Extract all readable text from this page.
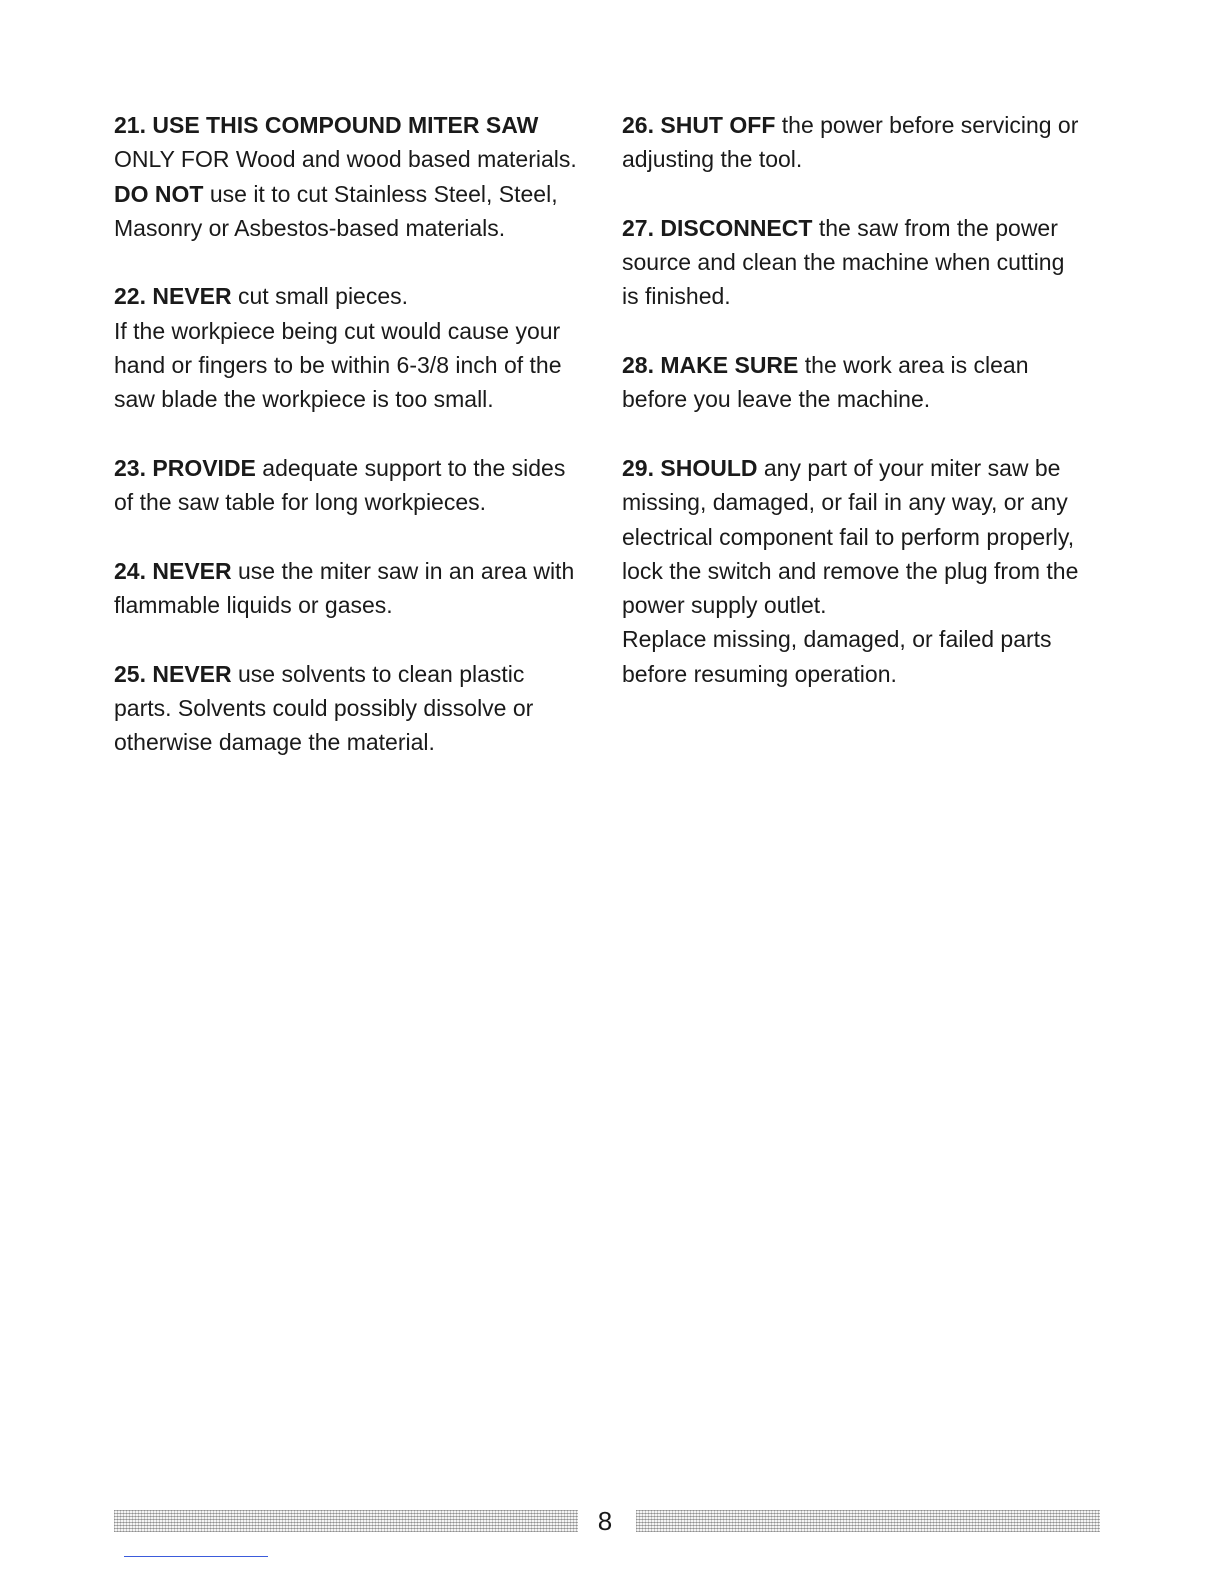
21. USE THIS COMPOUND MITER SAW
ONLY FOR Wood and wood based materials.
DO NOT use it to cut Stainless Steel, Steel,
Masonry or Asbestos-based materials.
22. NEVER cut small pieces.
If the workpiece being cut would cause your
hand or fingers to be within 6-3/8 inch of the
saw blade the workpiece is too small.
23. PROVIDE adequate support to the sides
of the saw table for long workpieces.
24. NEVER use the miter saw in an area with
flammable liquids or gases.
25. NEVER use solvents to clean plastic
parts. Solvents could possibly dissolve or
otherwise damage the material.
26. SHUT OFF the power before servicing or
adjusting the tool.
27. DISCONNECT the saw from the power
source and clean the machine when cutting
is finished.
28. MAKE SURE the work area is clean
before you leave the machine.
29. SHOULD any part of your miter saw be
missing, damaged, or fail in any way, or any
electrical component fail to perform properly,
lock the switch and remove the plug from the
power supply outlet.
Replace missing, damaged, or failed parts
before resuming operation.
8
